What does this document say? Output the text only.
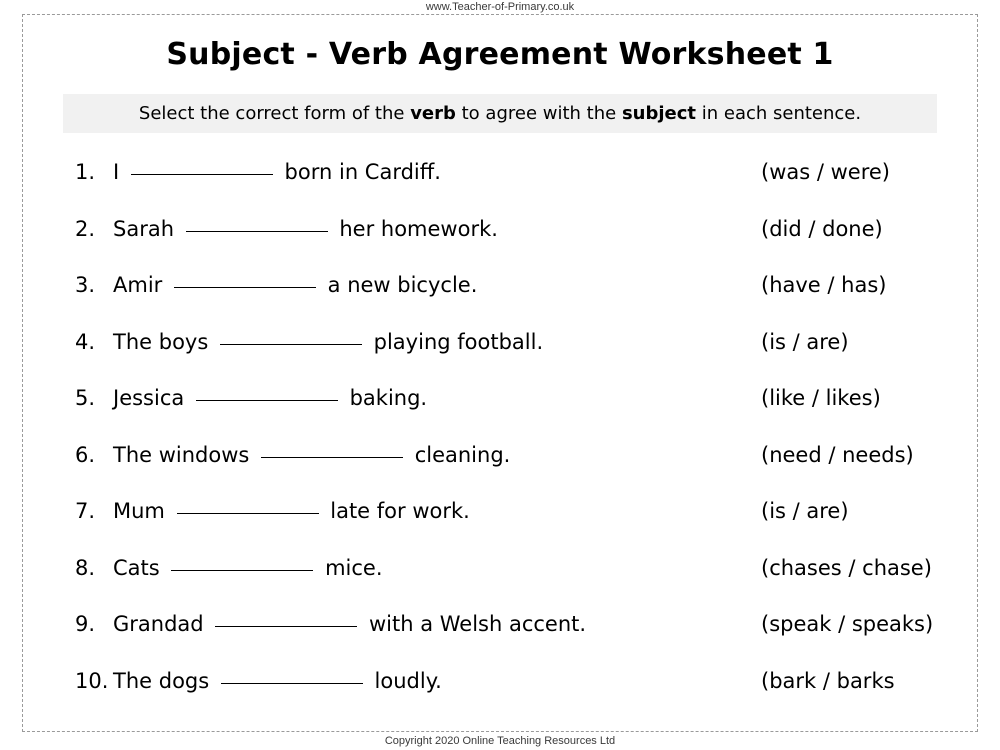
www.Teacher-of-Primary.co.uk
Subject - Verb Agreement Worksheet 1
Select the correct form of the verb to agree with the subject in each sentence.
1. I	born in Cardiff.	(was / were)
2. Sarah	her homework.	(did / done)
3. Amir	a new bicycle.	(have / has)
4. The boys	playing football.	(is / are)
5. Jessica	baking.	(like / likes)
6. The windows	cleaning.	(need / needs)
7. Mum	late for work.	(is / are)
8. Cats	mice.	(chases / chase)
9. Grandad	with a Welsh accent.	(speak / speaks)
10. The dogs	loudly.	(bark / barks
Copyright 2020 Online Teaching Resources Ltd
